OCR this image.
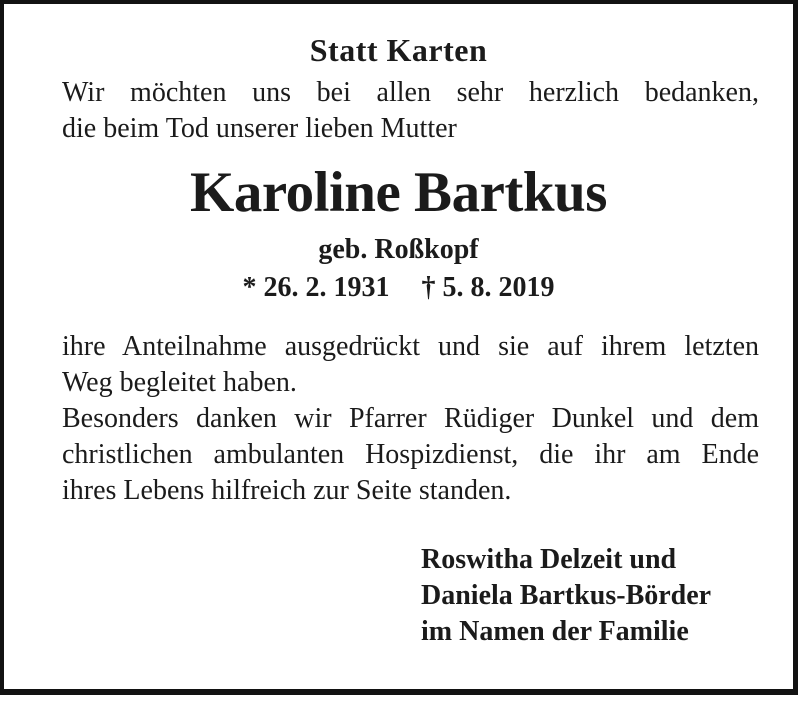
Statt Karten
Wir möchten uns bei allen sehr herzlich bedanken,
die beim Tod unserer lieben Mutter
Karoline Bartkus
geb. Roßkopf
* 26. 2. 1931 † 5. 8. 2019
ihre Anteilnahme ausgedrückt und sie auf ihrem letzten
Weg begleitet haben.
Besonders danken wir Pfarrer Rüdiger Dunkel und dem
christlichen ambulanten Hospizdienst, die ihr am Ende
ihres Lebens hilfreich zur Seite standen.
Roswitha Delzeit und
Daniela Bartkus-Börder
im Namen der Familie
